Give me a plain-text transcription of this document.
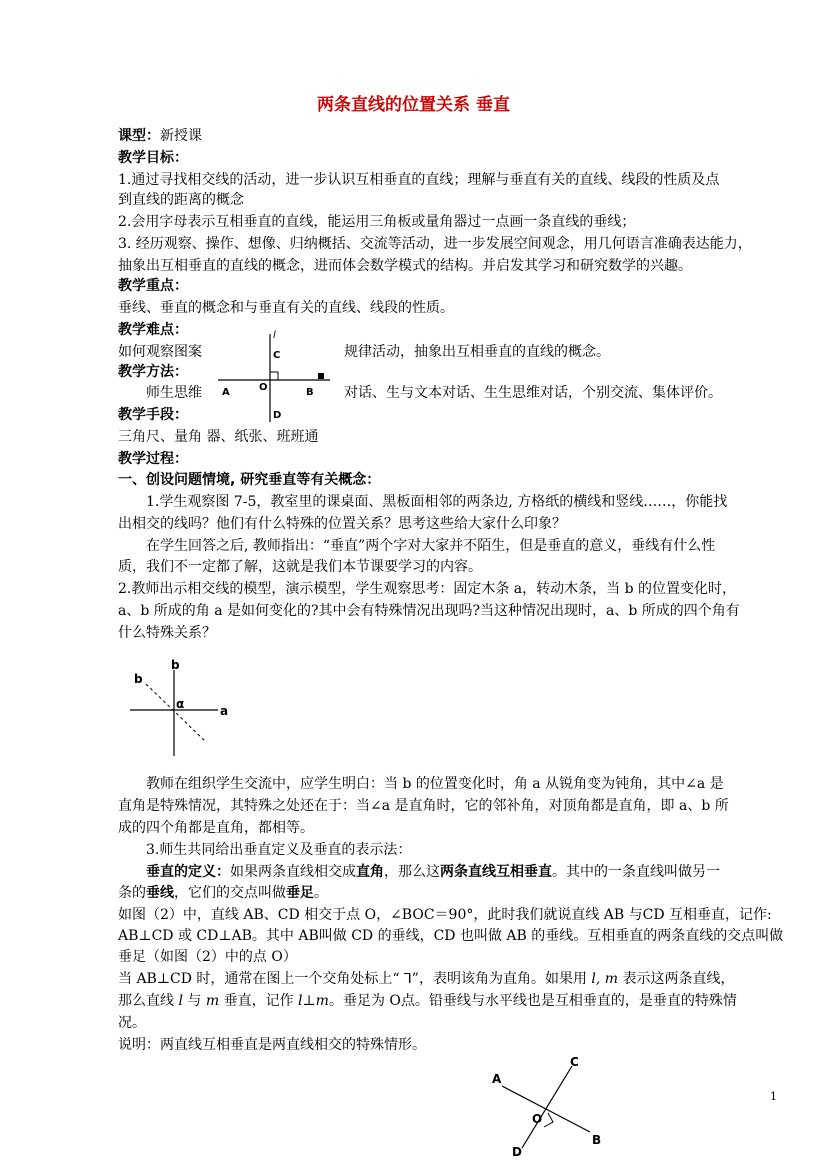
两条直线的位置关系 垂直
课型：新授课
教学目标：
1.通过寻找相交线的活动，进一步认识互相垂直的直线；理解与垂直有关的直线、线段的性质及点
到直线的距离的概念
2.会用字母表示互相垂直的直线，能运用三角板或量角器过一点画一条直线的垂线；
3. 经历观察、操作、想像、归纳概括、交流等活动，进一步发展空间观念，用几何语言准确表达能力，
抽象出互相垂直的直线的概念，进而体会数学模式的结构。并启发其学习和研究数学的兴趣。
教学重点：
垂线、垂直的概念和与垂直有关的直线、线段的性质。
教学难点：
如何观察图案	规律活动，抽象出互相垂直的直线的概念。
教学方法：
师生思维	对话、生与文本对话、生生思维对话，个别交流、集体评价。
教学手段：
三角尺、量角 器、纸张、班班通
教学过程：
一、创设问题情境, 研究垂直等有关概念：
1.学生观察图 7-5，教室里的课桌面、黑板面相邻的两条边, 方格纸的横线和竖线……，你能找
出相交的线吗？他们有什么特殊的位置关系？思考这些给大家什么印象？
在学生回答之后, 教师指出：“垂直”两个字对大家并不陌生，但是垂直的意义，垂线有什么性
质，我们不一定都了解，这就是我们本节课要学习的内容。
2.教师出示相交线的模型，演示模型，学生观察思考：固定木条 a，转动木条，当 b 的位置变化时，
a、b 所成的角 a 是如何变化的?其中会有特殊情况出现吗?当这种情况出现时，a、b 所成的四个角有
什么特殊关系？
教师在组织学生交流中，应学生明白：当 b 的位置变化时，角 a 从锐角变为钝角，其中∠a 是
直角是特殊情况，其特殊之处还在于：当∠a 是直角时，它的邻补角，对顶角都是直角，即 a、b 所
成的四个角都是直角，都相等。
3.师生共同给出垂直定义及垂直的表示法：
垂直的定义：如果两条直线相交成直角，那么这两条直线互相垂直。其中的一条直线叫做另一
条的垂线，它们的交点叫做垂足。
如图（2）中，直线 AB、CD 相交于点 O，∠BOC＝90°，此时我们就说直线 AB 与CD 互相垂直，记作:
AB⊥CD 或 CD⊥AB。其中 AB叫做 CD 的垂线，CD 也叫做 AB 的垂线。互相垂直的两条直线的交点叫做
垂足（如图（2）中的点 O）
当 AB⊥CD 时，通常在图上一个交角处标上“ ꓶ”，表明该角为直角。如果用 l, m 表示这两条直线，
那么直线 l 与 m 垂直，记作 l⊥m。垂足为 O点。铅垂线与水平线也是互相垂直的，是垂直的特殊情
况。
说明：两直线互相垂直是两直线相交的特殊情形。
l
C
O
A	B
D
b
b
α	a
A
C
O
D
B
1
